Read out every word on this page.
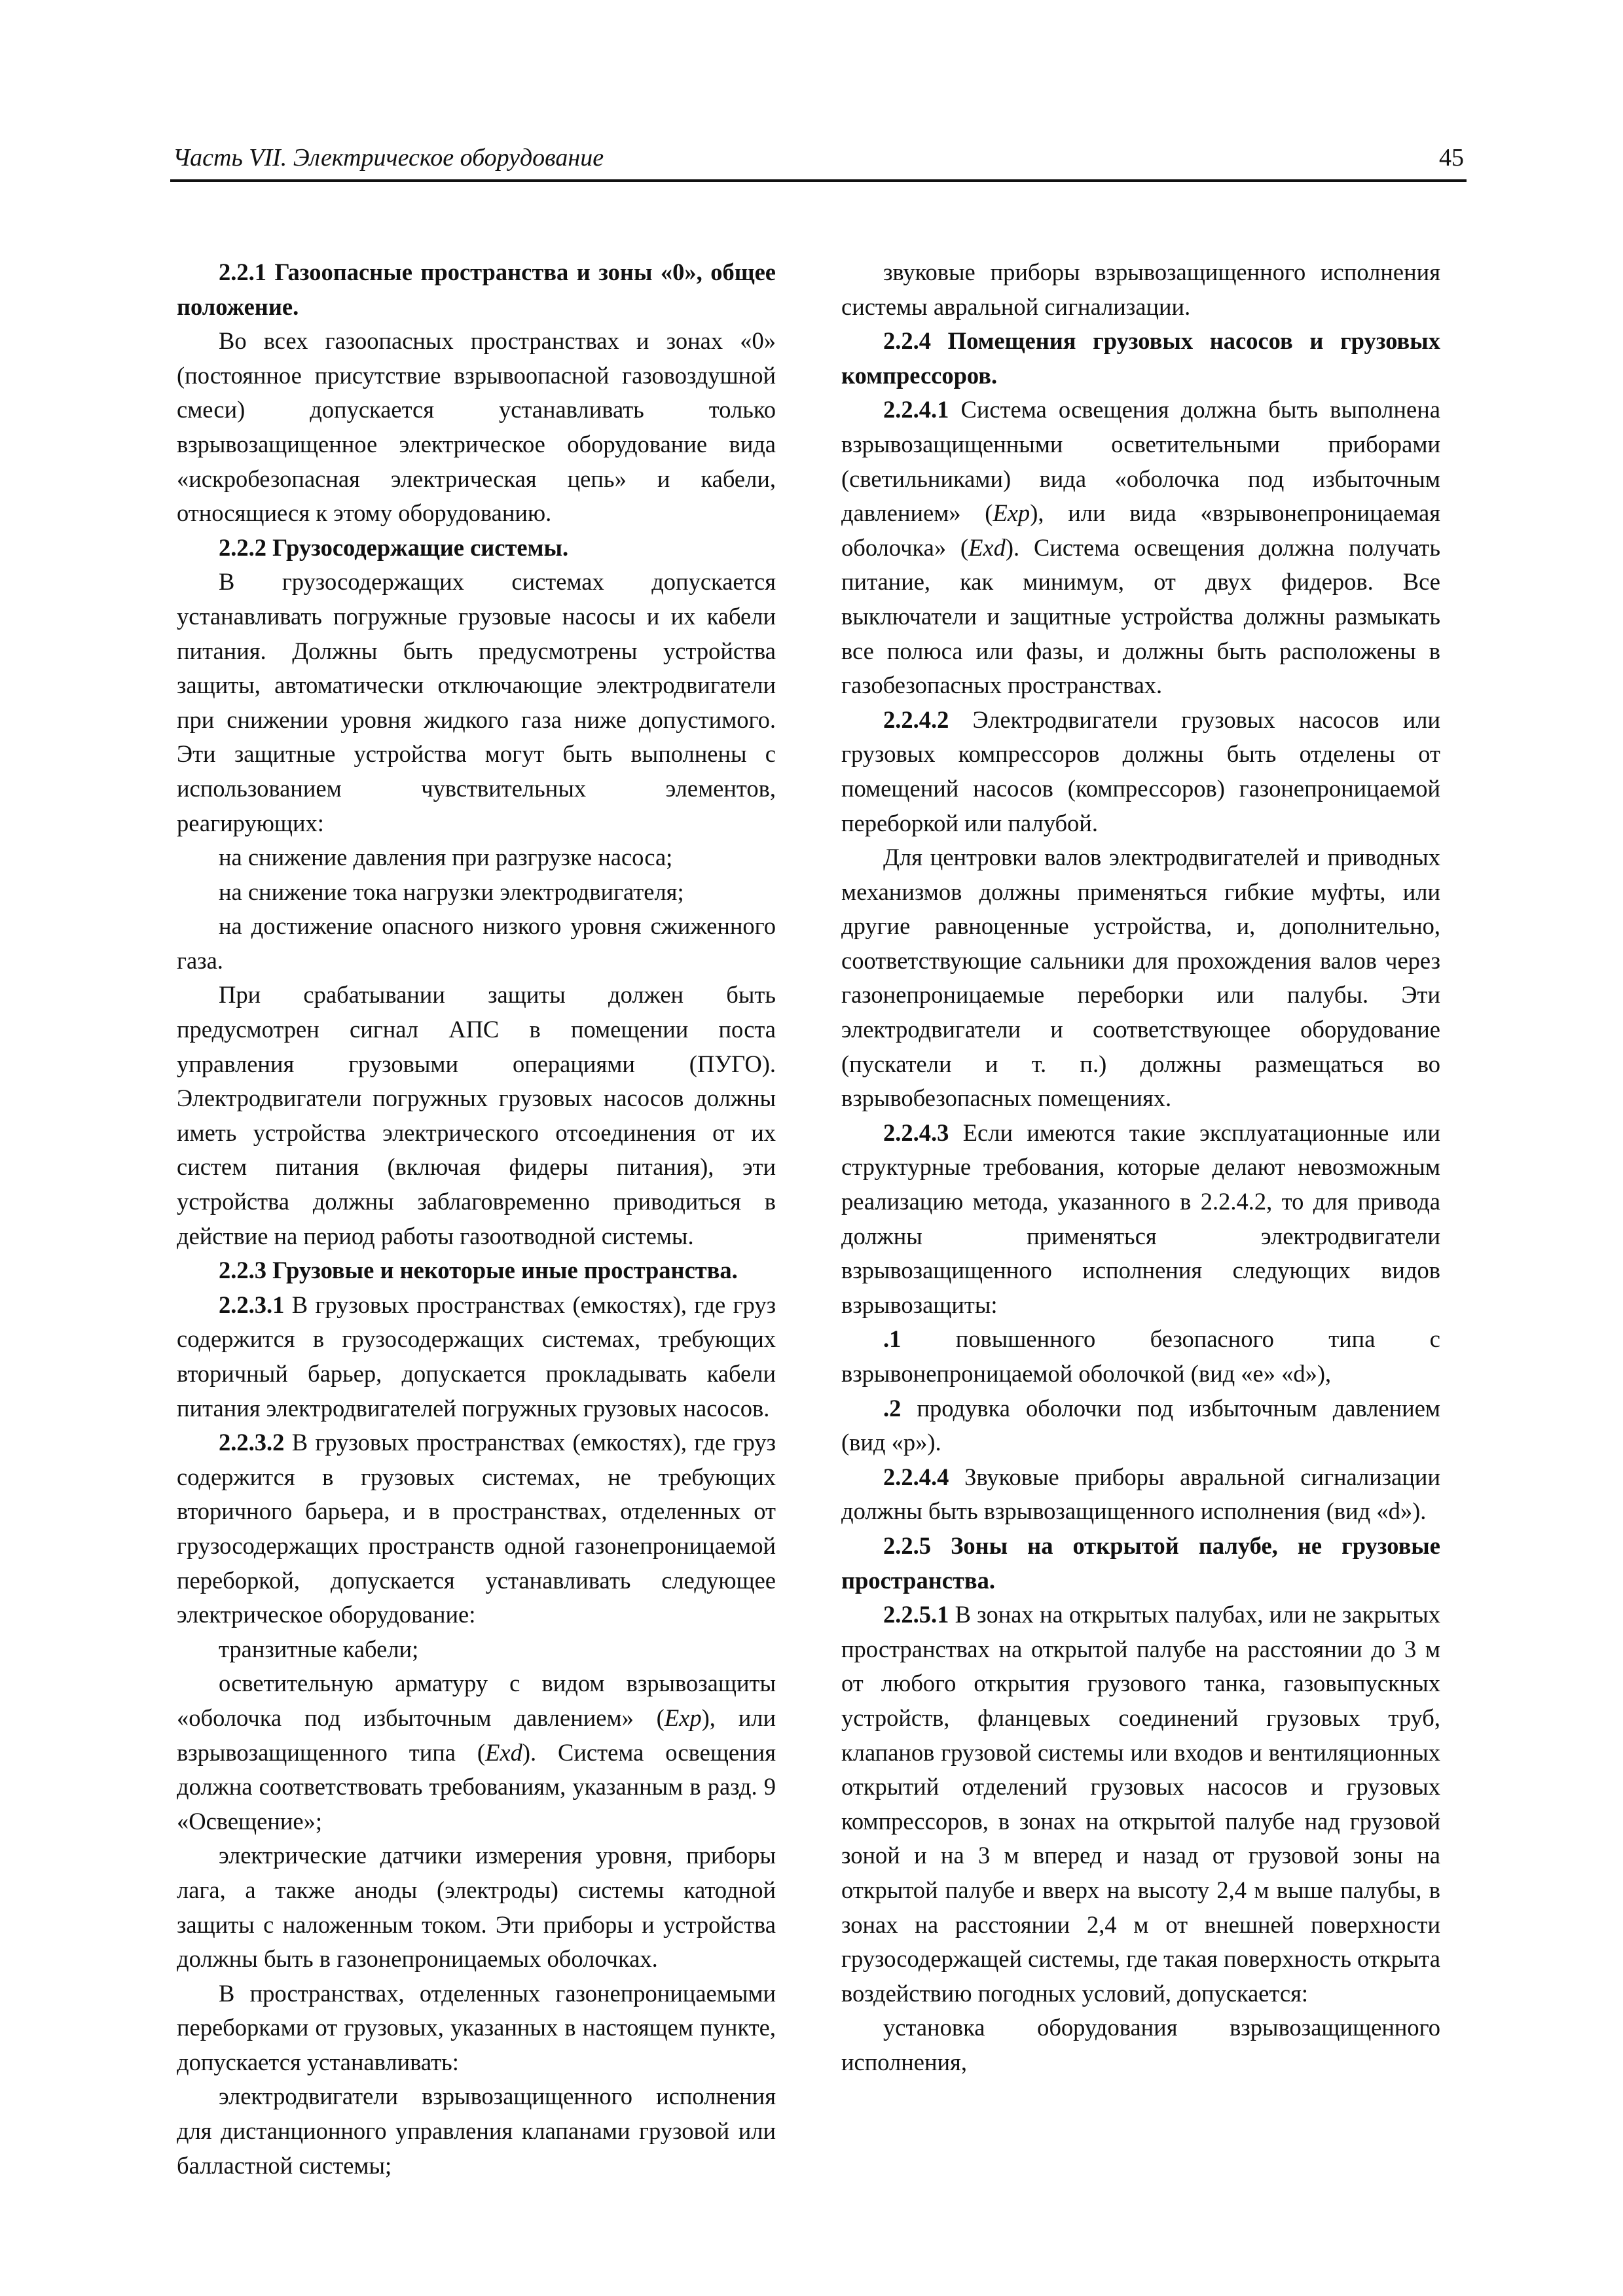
Часть VII. Электрическое оборудование	45

2.2.1 Газоопасные пространства и зоны «0», общее положение.

Во всех газоопасных пространствах и зонах «0» (постоянное присутствие взрывоопасной газовоздушной смеси) допускается устанавливать только взрывозащищенное электрическое оборудование вида «искробезопасная электрическая цепь» и кабели, относящиеся к этому оборудованию.

2.2.2 Грузосодержащие системы.

В грузосодержащих системах допускается устанавливать погружные грузовые насосы и их кабели питания. Должны быть предусмотрены устройства защиты, автоматически отключающие электродвигатели при снижении уровня жидкого газа ниже допустимого. Эти защитные устройства могут быть выполнены с использованием чувствительных элементов, реагирующих:

на снижение давления при разгрузке насоса;

на снижение тока нагрузки электродвигателя;

на достижение опасного низкого уровня сжиженного газа.

При срабатывании защиты должен быть предусмотрен сигнал АПС в помещении поста управления грузовыми операциями (ПУГО). Электродвигатели погружных грузовых насосов должны иметь устройства электрического отсоединения от их систем питания (включая фидеры питания), эти устройства должны заблаговременно приводиться в действие на период работы газоотводной системы.

2.2.3 Грузовые и некоторые иные пространства.

2.2.3.1 В грузовых пространствах (емкостях), где груз содержится в грузосодержащих системах, требующих вторичный барьер, допускается прокладывать кабели питания электродвигателей погружных грузовых насосов.

2.2.3.2 В грузовых пространствах (емкостях), где груз содержится в грузовых системах, не требующих вторичного барьера, и в пространствах, отделенных от грузосодержащих пространств одной газонепроницаемой переборкой, допускается устанавливать следующее электрическое оборудование:

транзитные кабели;

осветительную арматуру с видом взрывозащиты «оболочка под избыточным давлением» (Exp), или взрывозащищенного типа (Exd). Система освещения должна соответствовать требованиям, указанным в разд. 9 «Освещение»;

электрические датчики измерения уровня, приборы лага, а также аноды (электроды) системы катодной защиты с наложенным током. Эти приборы и устройства должны быть в газонепроницаемых оболочках.

В пространствах, отделенных газонепроницаемыми переборками от грузовых, указанных в настоящем пункте, допускается устанавливать:

электродвигатели взрывозащищенного исполнения для дистанционного управления клапанами грузовой или балластной системы;

звуковые приборы взрывозащищенного исполнения системы авральной сигнализации.

2.2.4 Помещения грузовых насосов и грузовых компрессоров.

2.2.4.1 Система освещения должна быть выполнена взрывозащищенными осветительными приборами (светильниками) вида «оболочка под избыточным давлением» (Exp), или вида «взрывонепроницаемая оболочка» (Exd). Система освещения должна получать питание, как минимум, от двух фидеров. Все выключатели и защитные устройства должны размыкать все полюса или фазы, и должны быть расположены в газобезопасных пространствах.

2.2.4.2 Электродвигатели грузовых насосов или грузовых компрессоров должны быть отделены от помещений насосов (компрессоров) газонепроницаемой переборкой или палубой.

Для центровки валов электродвигателей и приводных механизмов должны применяться гибкие муфты, или другие равноценные устройства, и, дополнительно, соответствующие сальники для прохождения валов через газонепроницаемые переборки или палубы. Эти электродвигатели и соответствующее оборудование (пускатели и т. п.) должны размещаться во взрывобезопасных помещениях.

2.2.4.3 Если имеются такие эксплуатационные или структурные требования, которые делают невозможным реализацию метода, указанного в 2.2.4.2, то для привода должны применяться электродвигатели взрывозащищенного исполнения следующих видов взрывозащиты:

.1 повышенного безопасного типа с взрывонепроницаемой оболочкой (вид «е» «d»),

.2 продувка оболочки под избыточным давлением (вид «р»).

2.2.4.4 Звуковые приборы авральной сигнализации должны быть взрывозащищенного исполнения (вид «d»).

2.2.5 Зоны на открытой палубе, не грузовые пространства.

2.2.5.1 В зонах на открытых палубах, или не закрытых пространствах на открытой палубе на расстоянии до 3 м от любого открытия грузового танка, газовыпускных устройств, фланцевых соединений грузовых труб, клапанов грузовой системы или входов и вентиляционных открытий отделений грузовых насосов и грузовых компрессоров, в зонах на открытой палубе над грузовой зоной и на 3 м вперед и назад от грузовой зоны на открытой палубе и вверх на высоту 2,4 м выше палубы, в зонах на расстоянии 2,4 м от внешней поверхности грузосодержащей системы, где такая поверхность открыта воздействию погодных условий, допускается:

установка оборудования взрывозащищенного исполнения,
